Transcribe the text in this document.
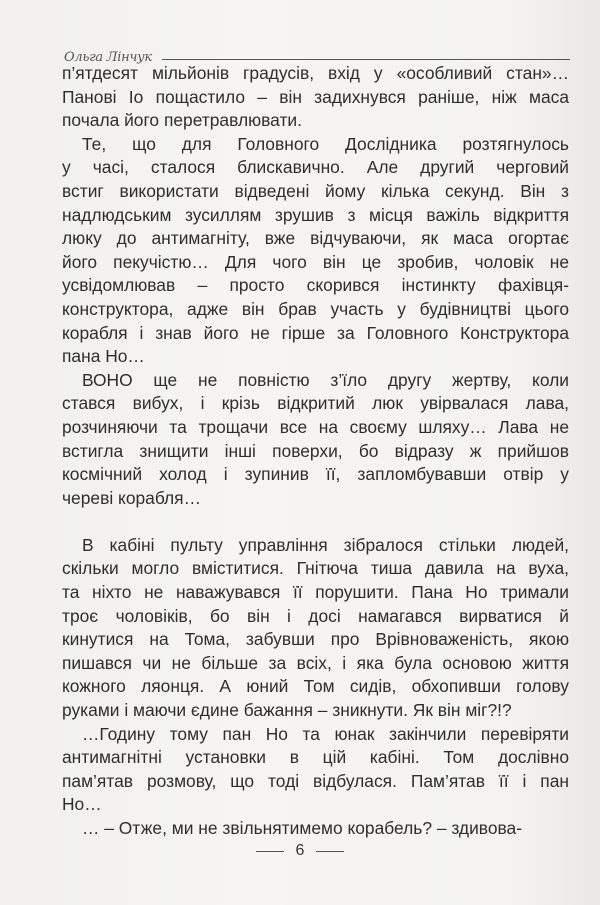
Ольга Лінчук

п’ятдесят мільйонів градусів, вхід у «особливий стан»…
Панові Іо пощастило – він задихнувся раніше, ніж маса
почала його перетравлювати.

Те, що для Головного Дослідника розтягнулось
у часі, сталося блискавично. Але другий черговий
встиг використати відведені йому кілька секунд. Він з
надлюдським зусиллям зрушив з місця важіль відкриття
люку до антимагніту, вже відчуваючи, як маса огортає
його пекучістю… Для чого він це зробив, чоловік не
усвідомлював – просто скорився інстинкту фахівця-
конструктора, адже він брав участь у будівництві цього
корабля і знав його не гірше за Головного Конструктора
пана Но…

ВОНО ще не повністю з’їло другу жертву, коли
стався вибух, і крізь відкритий люк увірвалася лава,
розчиняючи та трощачи все на своєму шляху… Лава не
встигла знищити інші поверхи, бо відразу ж прийшов
космічний холод і зупинив її, запломбувавши отвір у
череві корабля…

В кабіні пульту управління зібралося стільки людей,
скільки могло вміститися. Гнітюча тиша давила на вуха,
та ніхто не наважувався її порушити. Пана Но тримали
троє чоловіків, бо він і досі намагався вирватися й
кинутися на Тома, забувши про Врівноваженість, якою
пишався чи не більше за всіх, і яка була основою життя
кожного ляонця. А юний Том сидів, обхопивши голову
руками і маючи єдине бажання – зникнути. Як він міг?!?

…Годину тому пан Но та юнак закінчили перевіряти
антимагнітні установки в цій кабіні. Том дослівно
пам’ятав розмову, що тоді відбулася. Пам’ятав її і пан
Но…

… – Отже, ми не звільнятимемо корабель? – здивова-

6
